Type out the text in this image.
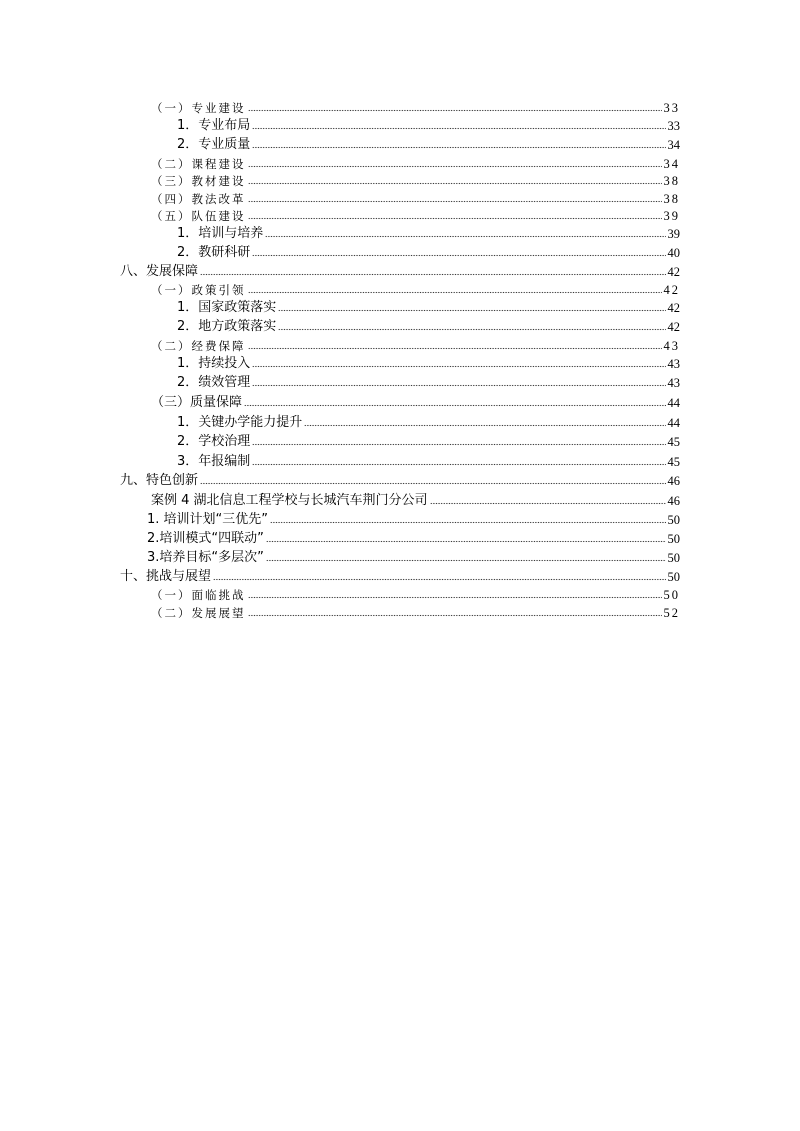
（一）专业建设	33
1．专业布局	33
2．专业质量	34
（二）课程建设	34
（三）教材建设	38
（四）教法改革	38
（五）队伍建设	39
1．培训与培养	39
2．教研科研	40
八、发展保障	42
（一）政策引领	42
1．国家政策落实	42
2．地方政策落实	42
（二）经费保障	43
1．持续投入	43
2．绩效管理	43
（三）质量保障	44
1．关键办学能力提升	44
2．学校治理	45
3．年报编制	45
九、特色创新	46
案例 4 湖北信息工程学校与长城汽车荆门分公司	46
1. 培训计划“三优先”	50
2.培训模式“四联动”	50
3.培养目标“多层次”	50
十、挑战与展望	50
（一）面临挑战	50
（二）发展展望	52
